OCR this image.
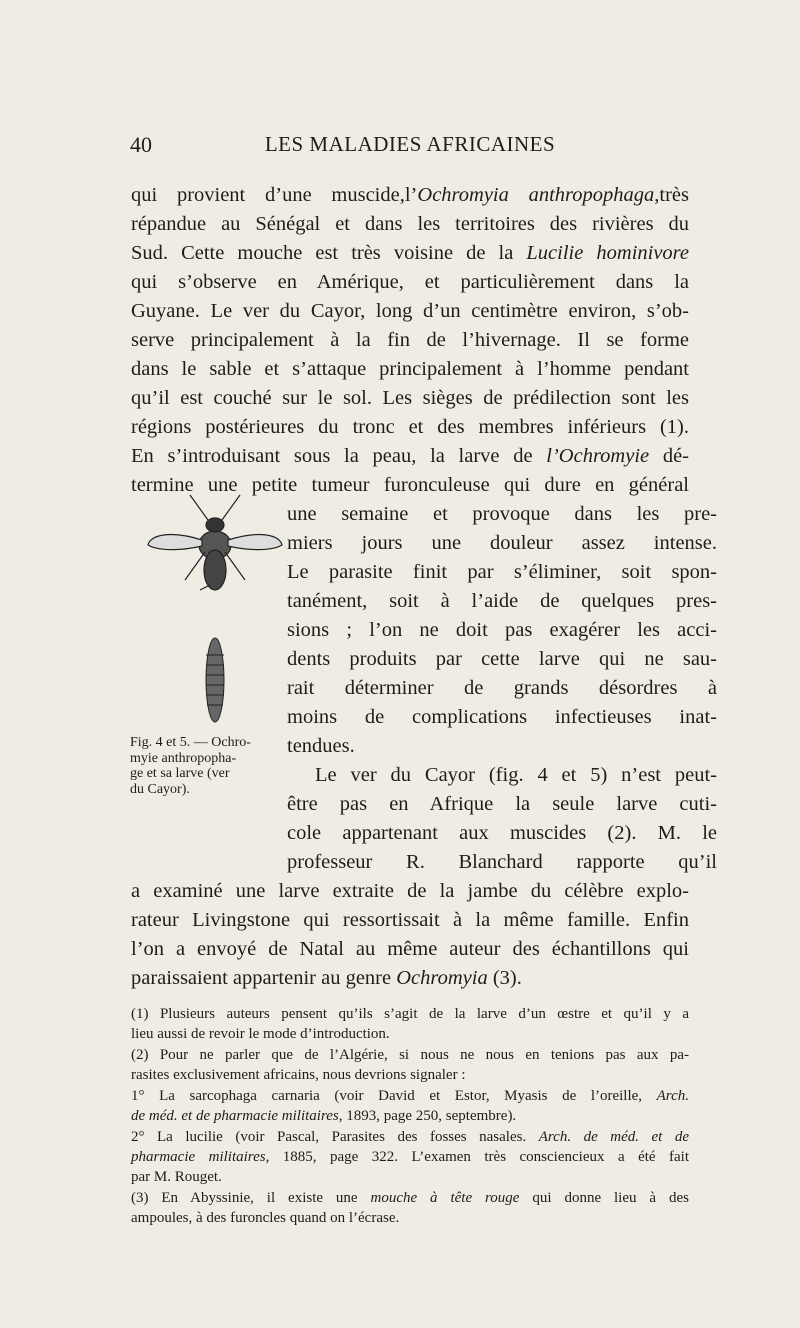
40	LES MALADIES AFRICAINES
qui provient d’une muscide,l’Ochromyia anthropophaga,très
répandue au Sénégal et dans les territoires des rivières du
Sud. Cette mouche est très voisine de la Lucilie hominivore
qui s’observe en Amérique, et particulièrement dans la
Guyane. Le ver du Cayor, long d’un centimètre environ, s’ob-
serve principalement à la fin de l’hivernage. Il se forme
dans le sable et s’attaque principalement à l’homme pendant
qu’il est couché sur le sol. Les sièges de prédilection sont les
régions postérieures du tronc et des membres inférieurs (1).
En s’introduisant sous la peau, la larve de l’Ochromyie dé-
termine une petite tumeur furonculeuse qui dure en général
une semaine et provoque dans les pre-
miers jours une douleur assez intense.
Le parasite finit par s’éliminer, soit spon-
tanément, soit à l’aide de quelques pres-
sions ; l’on ne doit pas exagérer les acci-
dents produits par cette larve qui ne sau-
rait déterminer de grands désordres à
moins de complications infectieuses inat-
tendues.
Le ver du Cayor (fig. 4 et 5) n’est peut-
être pas en Afrique la seule larve cuti-
cole appartenant aux muscides (2). M. le
professeur R. Blanchard rapporte qu’il
a examiné une larve extraite de la jambe du célèbre explo-
rateur Livingstone qui ressortissait à la même famille. Enfin
l’on a envoyé de Natal au même auteur des échantillons qui
paraissaient appartenir au genre Ochromyia (3).
Fig. 4 et 5. — Ochro-
myie anthropopha-
ge et sa larve (ver
du Cayor).
(1) Plusieurs auteurs pensent qu’ils s’agit de la larve d’un œstre et qu’il y a
lieu aussi de revoir le mode d’introduction.
(2) Pour ne parler que de l’Algérie, si nous ne nous en tenions pas aux pa-
rasites exclusivement africains, nous devrions signaler :
1° La sarcophaga carnaria (voir David et Estor, Myasis de l’oreille, Arch.
de méd. et de pharmacie militaires, 1893, page 250, septembre).
2° La lucilie (voir Pascal, Parasites des fosses nasales. Arch. de méd. et de
pharmacie militaires, 1885, page 322. L’examen très consciencieux a été fait
par M. Rouget.
(3) En Abyssinie, il existe une mouche à tête rouge qui donne lieu à des
ampoules, à des furoncles quand on l’écrase.
